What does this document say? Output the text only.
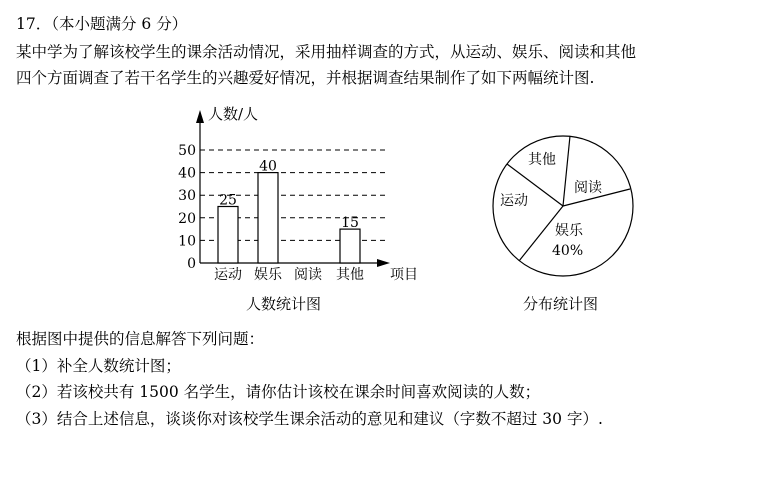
17．（本小题满分 6 分）
某中学为了解该校学生的课余活动情况，采用抽样调查的方式，从运动、娱乐、阅读和其他
四个方面调查了若干名学生的兴趣爱好情况，并根据调查结果制作了如下两幅统计图.
人数/人
项目
人数统计图
0
10
20
30
40
50
25
40
15
运动 娱乐 阅读 其他
其他
阅读
娱乐
40%
运动
分布统计图
根据图中提供的信息解答下列问题：
（1）补全人数统计图；
（2）若该校共有 1500 名学生，请你估计该校在课余时间喜欢阅读的人数；
（3）结合上述信息，谈谈你对该校学生课余活动的意见和建议（字数不超过 30 字）.
